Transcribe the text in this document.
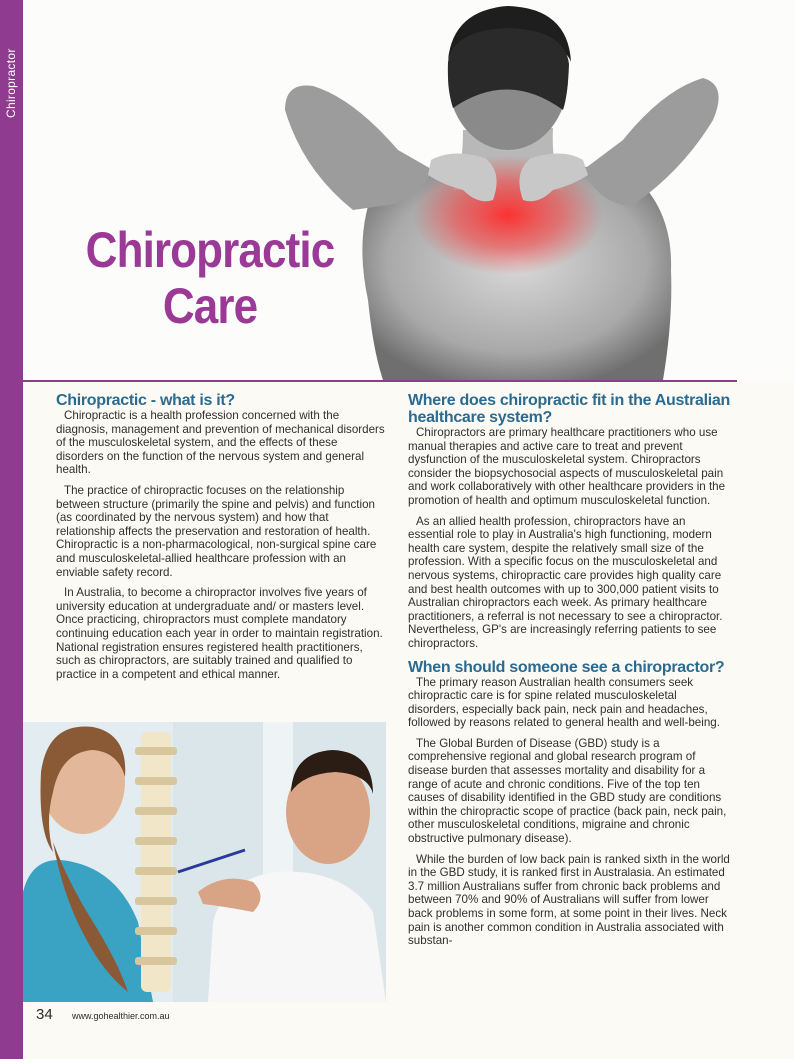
Chiropractor
Chiropractic
Care
Chiropractic - what is it?

Chiropractic is a health profession concerned with the diagnosis, management and prevention of mechanical disorders of the musculoskeletal system, and the effects of these disorders on the function of the nervous system and general health.

The practice of chiropractic focuses on the relationship between structure (primarily the spine and pelvis) and function (as coordinated by the nervous system) and how that relationship affects the preservation and restoration of health. Chiropractic is a non-pharmacological, non-surgical spine care and musculoskeletal-allied healthcare profession with an enviable safety record.

In Australia, to become a chiropractor involves five years of university education at undergraduate and/ or masters level. Once practicing, chiropractors must complete mandatory continuing education each year in order to maintain registration. National registration ensures registered health practitioners, such as chiropractors, are suitably trained and qualified to practice in a competent and ethical manner.

Where does chiropractic fit in the Australian healthcare system?

Chiropractors are primary healthcare practitioners who use manual therapies and active care to treat and prevent dysfunction of the musculoskeletal system. Chiropractors consider the biopsychosocial aspects of musculoskeletal pain and work collaboratively with other healthcare providers in the promotion of health and optimum musculoskeletal function.

As an allied health profession, chiropractors have an essential role to play in Australia's high functioning, modern health care system, despite the relatively small size of the profession. With a specific focus on the musculoskeletal and nervous systems, chiropractic care provides high quality care and best health outcomes with up to 300,000 patient visits to Australian chiropractors each week. As primary healthcare practitioners, a referral is not necessary to see a chiropractor. Nevertheless, GP's are increasingly referring patients to see chiropractors.

When should someone see a chiropractor?

The primary reason Australian health consumers seek chiropractic care is for spine related musculoskeletal disorders, especially back pain, neck pain and headaches, followed by reasons related to general health and well-being.

The Global Burden of Disease (GBD) study is a comprehensive regional and global research program of disease burden that assesses mortality and disability for a range of acute and chronic conditions. Five of the top ten causes of disability identified in the GBD study are conditions within the chiropractic scope of practice (back pain, neck pain, other musculoskeletal conditions, migraine and chronic obstructive pulmonary disease).

While the burden of low back pain is ranked sixth in the world in the GBD study, it is ranked first in Australasia. An estimated 3.7 million Australians suffer from chronic back problems and between 70% and 90% of Australians will suffer from lower back problems in some form, at some point in their lives. Neck pain is another common condition in Australia associated with substan-

34 www.gohealthier.com.au
